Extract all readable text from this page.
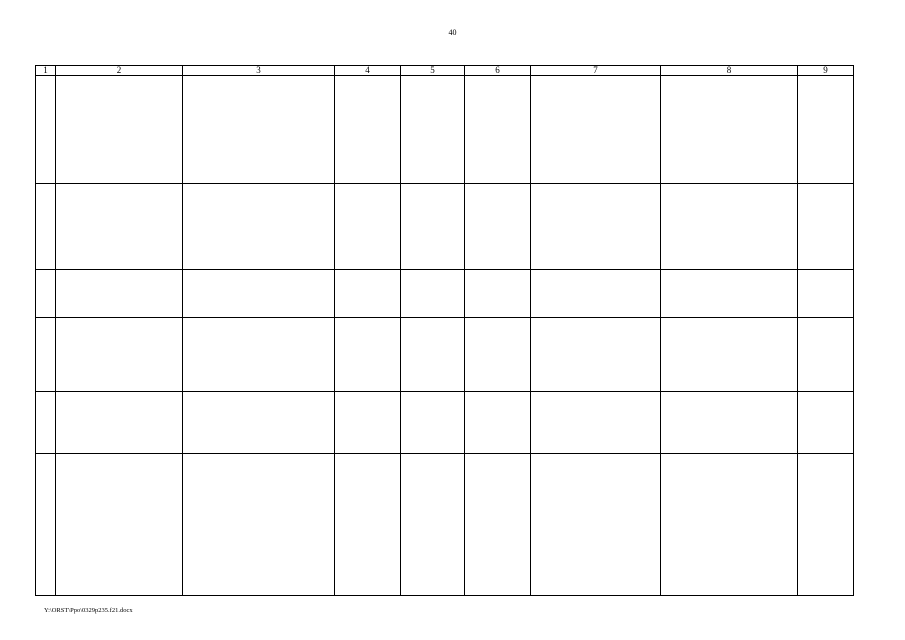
40
1	2	3	4	5	6	7	8	9

Y:\ORST\Ppo\0329p235.f21.docx
